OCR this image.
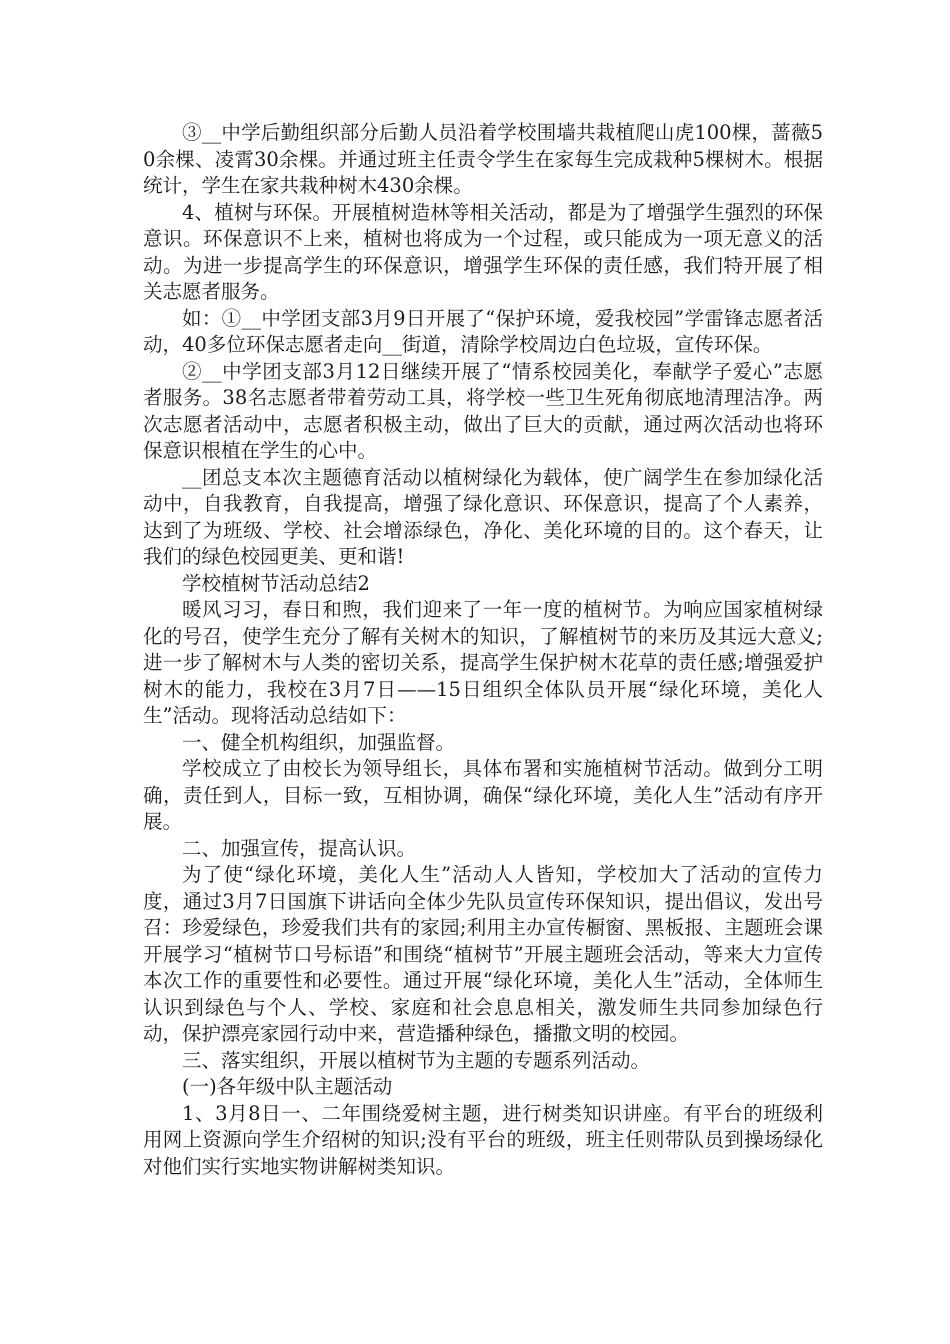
③__中学后勤组织部分后勤人员沿着学校围墙共栽植爬山虎100棵，蔷薇50余棵、凌霄30余棵。并通过班主任责令学生在家每生完成栽种5棵树木。根据统计，学生在家共栽种树木430余棵。

4、植树与环保。开展植树造林等相关活动，都是为了增强学生强烈的环保意识。环保意识不上来，植树也将成为一个过程，或只能成为一项无意义的活动。为进一步提高学生的环保意识，增强学生环保的责任感，我们特开展了相关志愿者服务。

如：①__中学团支部3月9日开展了“保护环境，爱我校园”学雷锋志愿者活动，40多位环保志愿者走向__街道，清除学校周边白色垃圾，宣传环保。

②__中学团支部3月12日继续开展了“情系校园美化，奉献学子爱心”志愿者服务。38名志愿者带着劳动工具，将学校一些卫生死角彻底地清理洁净。两次志愿者活动中，志愿者积极主动，做出了巨大的贡献，通过两次活动也将环保意识根植在学生的心中。

__团总支本次主题德育活动以植树绿化为载体，使广阔学生在参加绿化活动中，自我教育，自我提高，增强了绿化意识、环保意识，提高了个人素养，达到了为班级、学校、社会增添绿色，净化、美化环境的目的。这个春天，让我们的绿色校园更美、更和谐!

学校植树节活动总结2

暖风习习，春日和煦，我们迎来了一年一度的植树节。为响应国家植树绿化的号召，使学生充分了解有关树木的知识，了解植树节的来历及其远大意义;进一步了解树木与人类的密切关系，提高学生保护树木花草的责任感;增强爱护树木的能力，我校在3月7日——15日组织全体队员开展“绿化环境，美化人生”活动。现将活动总结如下：

一、健全机构组织，加强监督。

学校成立了由校长为领导组长，具体布署和实施植树节活动。做到分工明确，责任到人，目标一致，互相协调，确保“绿化环境，美化人生”活动有序开展。

二、加强宣传，提高认识。

为了使“绿化环境，美化人生”活动人人皆知，学校加大了活动的宣传力度，通过3月7日国旗下讲话向全体少先队员宣传环保知识，提出倡议，发出号召：珍爱绿色，珍爱我们共有的家园;利用主办宣传橱窗、黑板报、主题班会课开展学习“植树节口号标语”和围绕“植树节”开展主题班会活动，等来大力宣传本次工作的重要性和必要性。通过开展“绿化环境，美化人生”活动，全体师生认识到绿色与个人、学校、家庭和社会息息相关，激发师生共同参加绿色行动，保护漂亮家园行动中来，营造播种绿色，播撒文明的校园。

三、落实组织，开展以植树节为主题的专题系列活动。

(一)各年级中队主题活动

1、3月8日一、二年围绕爱树主题，进行树类知识讲座。有平台的班级利用网上资源向学生介绍树的知识;没有平台的班级，班主任则带队员到操场绿化对他们实行实地实物讲解树类知识。
